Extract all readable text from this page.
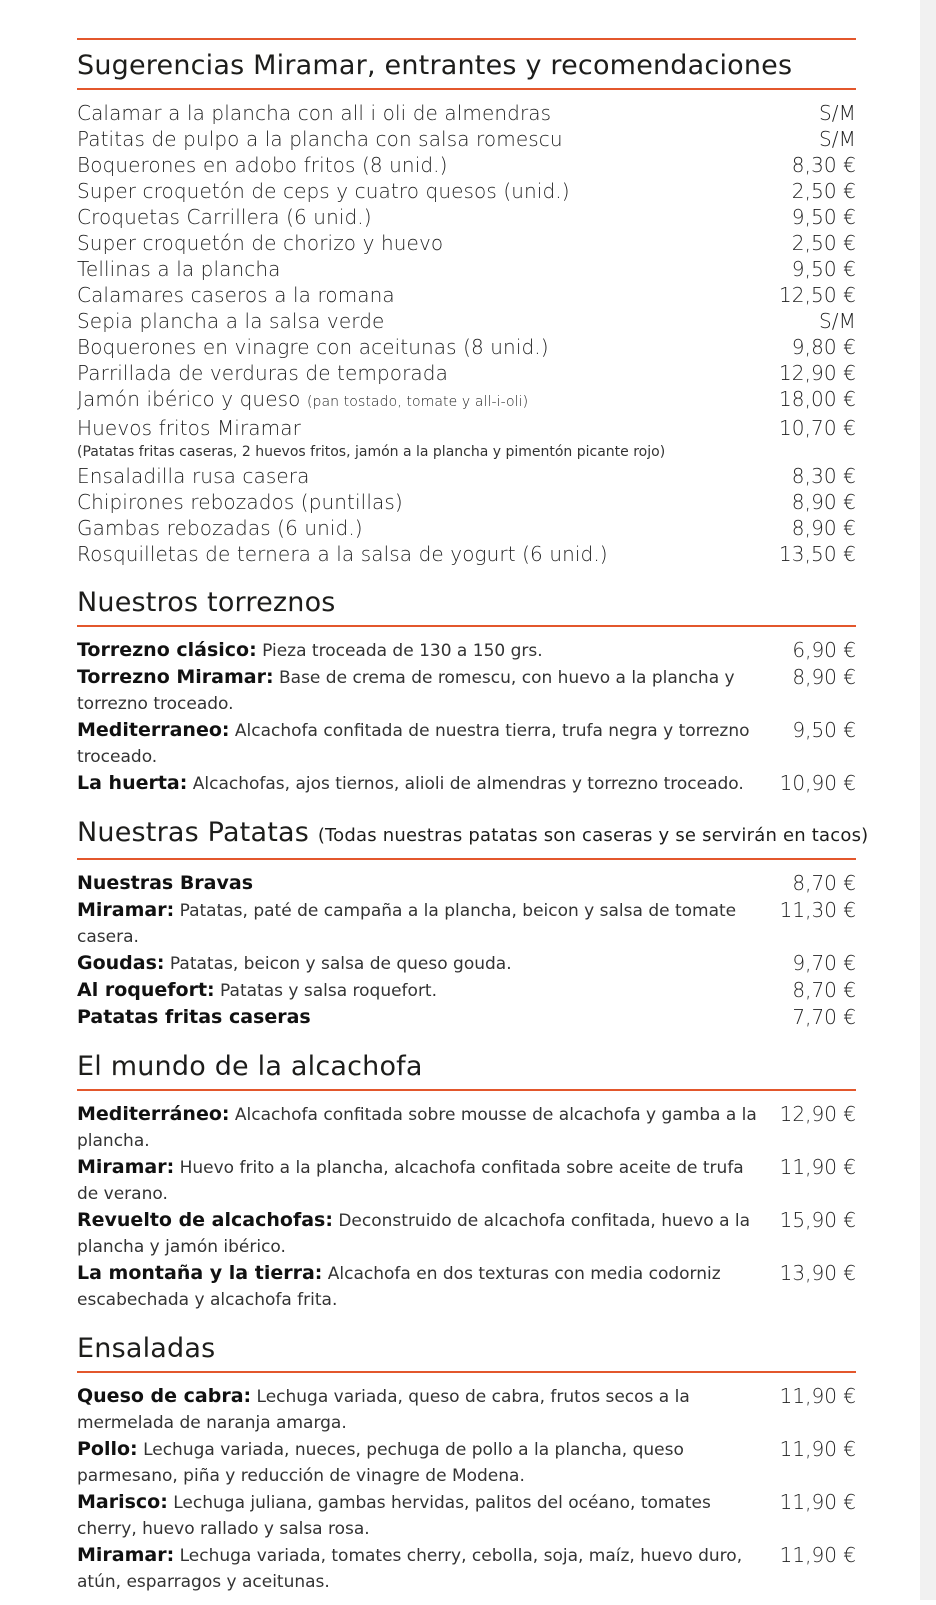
Sugerencias Miramar, entrantes y recomendaciones
Calamar a la plancha con all i oli de almendras	S/M
Patitas de pulpo a la plancha con salsa romescu	S/M
Boquerones en adobo fritos (8 unid.)	8,30 €
Super croquetón de ceps y cuatro quesos (unid.)	2,50 €
Croquetas Carrillera (6 unid.)	9,50 €
Super croquetón de chorizo y huevo	2,50 €
Tellinas a la plancha	9,50 €
Calamares caseros a la romana	12,50 €
Sepia plancha a la salsa verde	S/M
Boquerones en vinagre con aceitunas (8 unid.)	9,80 €
Parrillada de verduras de temporada	12,90 €
Jamón ibérico y queso (pan tostado, tomate y all-i-oli)	18,00 €
Huevos fritos Miramar	10,70 €
(Patatas fritas caseras, 2 huevos fritos, jamón a la plancha y pimentón picante rojo)
Ensaladilla rusa casera	8,30 €
Chipirones rebozados (puntillas)	8,90 €
Gambas rebozadas (6 unid.)	8,90 €
Rosquilletas de ternera a la salsa de yogurt (6 unid.)	13,50 €
Nuestros torreznos
Torrezno clásico: Pieza troceada de 130 a 150 grs.	6,90 €
Torrezno Miramar: Base de crema de romescu, con huevo a la plancha y torrezno troceado.
8,90 €
Mediterraneo: Alcachofa confitada de nuestra tierra, trufa negra y torrezno troceado.
9,50 €
La huerta: Alcachofas, ajos tiernos, alioli de almendras y torrezno troceado.	10,90 €
Nuestras Patatas (Todas nuestras patatas son caseras y se servirán en tacos)
Nuestras Bravas	8,70 €
Miramar: Patatas, paté de campaña a la plancha, beicon y salsa de tomate casera.
11,30 €
Goudas: Patatas, beicon y salsa de queso gouda.	9,70 €
Al roquefort: Patatas y salsa roquefort.	8,70 €
Patatas fritas caseras	7,70 €
El mundo de la alcachofa
Mediterráneo: Alcachofa confitada sobre mousse de alcachofa y gamba a la plancha.
12,90 €
Miramar: Huevo frito a la plancha, alcachofa confitada sobre aceite de trufa de verano.
11,90 €
Revuelto de alcachofas: Deconstruido de alcachofa confitada, huevo a la plancha y jamón ibérico.
15,90 €
La montaña y la tierra: Alcachofa en dos texturas con media codorniz escabechada y alcachofa frita.
13,90 €
Ensaladas
Queso de cabra: Lechuga variada, queso de cabra, frutos secos a la mermelada de naranja amarga.
11,90 €
Pollo: Lechuga variada, nueces, pechuga de pollo a la plancha, queso parmesano, piña y reducción de vinagre de Modena.
11,90 €
Marisco: Lechuga juliana, gambas hervidas, palitos del océano, tomates cherry, huevo rallado y salsa rosa.
11,90 €
Miramar: Lechuga variada, tomates cherry, cebolla, soja, maíz, huevo duro, atún, esparragos y aceitunas.
11,90 €
